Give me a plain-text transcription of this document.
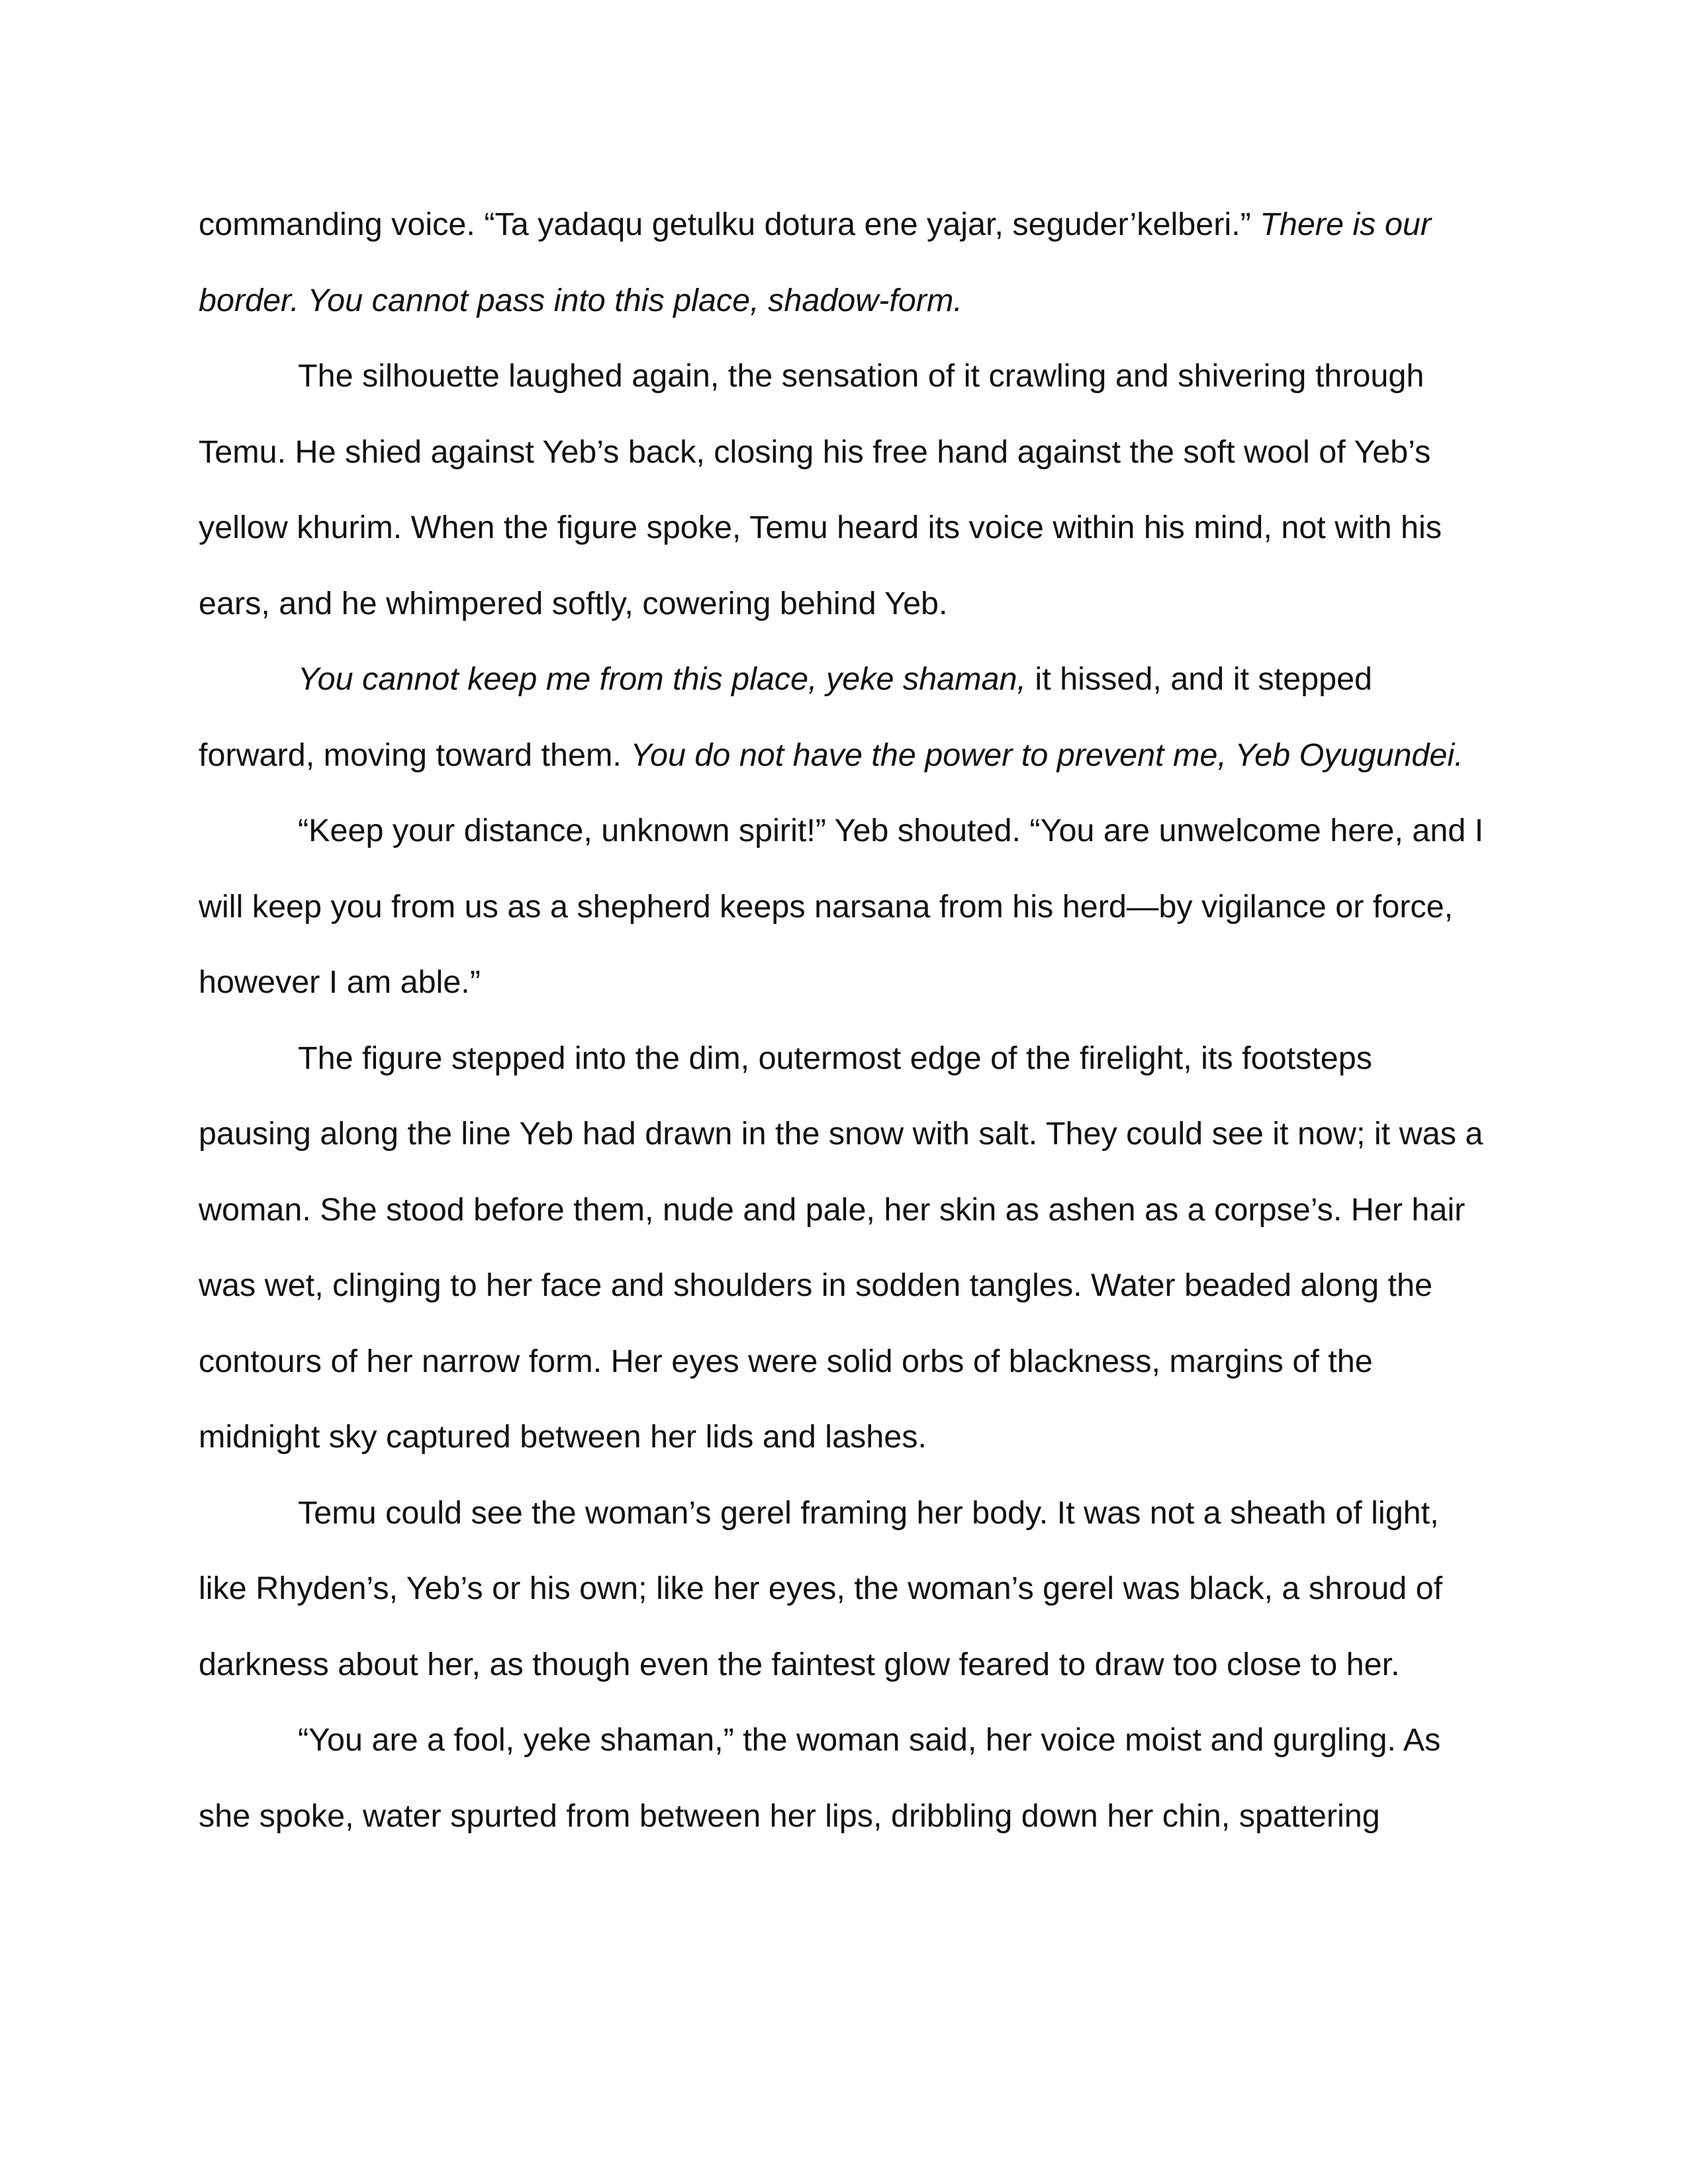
commanding voice. “Ta yadaqu getulku dotura ene yajar, seguder’kelberi.” There is our border. You cannot pass into this place, shadow-form.

The silhouette laughed again, the sensation of it crawling and shivering through Temu. He shied against Yeb’s back, closing his free hand against the soft wool of Yeb’s yellow khurim. When the figure spoke, Temu heard its voice within his mind, not with his ears, and he whimpered softly, cowering behind Yeb.

You cannot keep me from this place, yeke shaman, it hissed, and it stepped forward, moving toward them. You do not have the power to prevent me, Yeb Oyugundei.

“Keep your distance, unknown spirit!” Yeb shouted. “You are unwelcome here, and I will keep you from us as a shepherd keeps narsana from his herd—by vigilance or force, however I am able.”

The figure stepped into the dim, outermost edge of the firelight, its footsteps pausing along the line Yeb had drawn in the snow with salt. They could see it now; it was a woman. She stood before them, nude and pale, her skin as ashen as a corpse’s. Her hair was wet, clinging to her face and shoulders in sodden tangles. Water beaded along the contours of her narrow form. Her eyes were solid orbs of blackness, margins of the midnight sky captured between her lids and lashes.

Temu could see the woman’s gerel framing her body. It was not a sheath of light, like Rhyden’s, Yeb’s or his own; like her eyes, the woman’s gerel was black, a shroud of darkness about her, as though even the faintest glow feared to draw too close to her.

“You are a fool, yeke shaman,” the woman said, her voice moist and gurgling. As she spoke, water spurted from between her lips, dribbling down her chin, spattering
